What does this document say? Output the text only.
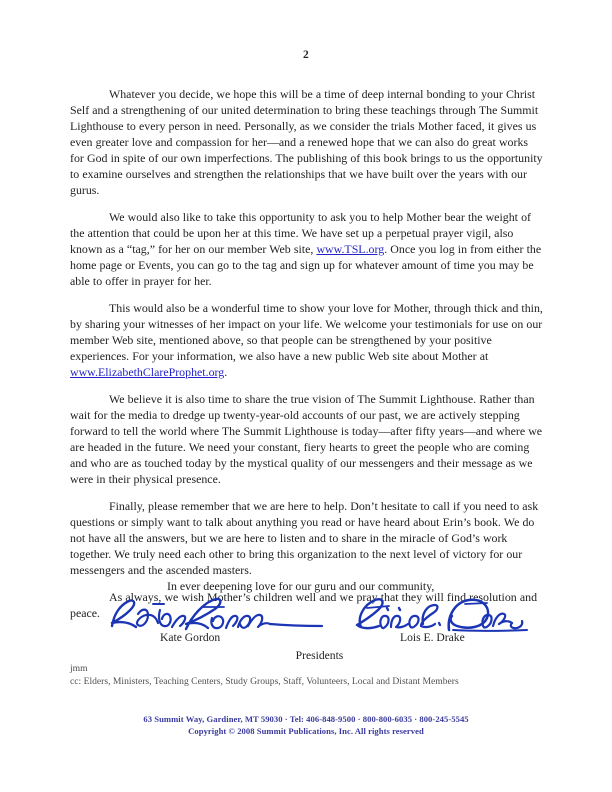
2

Whatever you decide, we hope this will be a time of deep internal bonding to your Christ Self and a strengthening of our united determination to bring these teachings through The Summit Lighthouse to every person in need. Personally, as we consider the trials Mother faced, it gives us even greater love and compassion for her—and a renewed hope that we can also do great works for God in spite of our own imperfections. The publishing of this book brings to us the opportunity to examine ourselves and strengthen the relationships that we have built over the years with our gurus.

We would also like to take this opportunity to ask you to help Mother bear the weight of the attention that could be upon her at this time. We have set up a perpetual prayer vigil, also known as a “tag,” for her on our member Web site, www.TSL.org. Once you log in from either the home page or Events, you can go to the tag and sign up for whatever amount of time you may be able to offer in prayer for her.

This would also be a wonderful time to show your love for Mother, through thick and thin, by sharing your witnesses of her impact on your life. We welcome your testimonials for use on our member Web site, mentioned above, so that people can be strengthened by your positive experiences. For your information, we also have a new public Web site about Mother at www.ElizabethClareProphet.org.

We believe it is also time to share the true vision of The Summit Lighthouse. Rather than wait for the media to dredge up twenty-year-old accounts of our past, we are actively stepping forward to tell the world where The Summit Lighthouse is today—after fifty years—and where we are headed in the future. We need your constant, fiery hearts to greet the people who are coming and who are as touched today by the mystical quality of our messengers and their message as we were in their physical presence.

Finally, please remember that we are here to help. Don’t hesitate to call if you need to ask questions or simply want to talk about anything you read or have heard about Erin’s book. We do not have all the answers, but we are here to listen and to share in the miracle of God’s work together. We truly need each other to bring this organization to the next level of victory for our messengers and the ascended masters.

As always, we wish Mother’s children well and we pray that they will find resolution and peace.

In ever deepening love for our guru and our community,
Kate Gordon	Lois E. Drake
Presidents
jmm
cc: Elders, Ministers, Teaching Centers, Study Groups, Staff, Volunteers, Local and Distant Members
63 Summit Way, Gardiner, MT 59030 · Tel: 406-848-9500 · 800-800-6035 · 800-245-5545
Copyright © 2008 Summit Publications, Inc. All rights reserved
